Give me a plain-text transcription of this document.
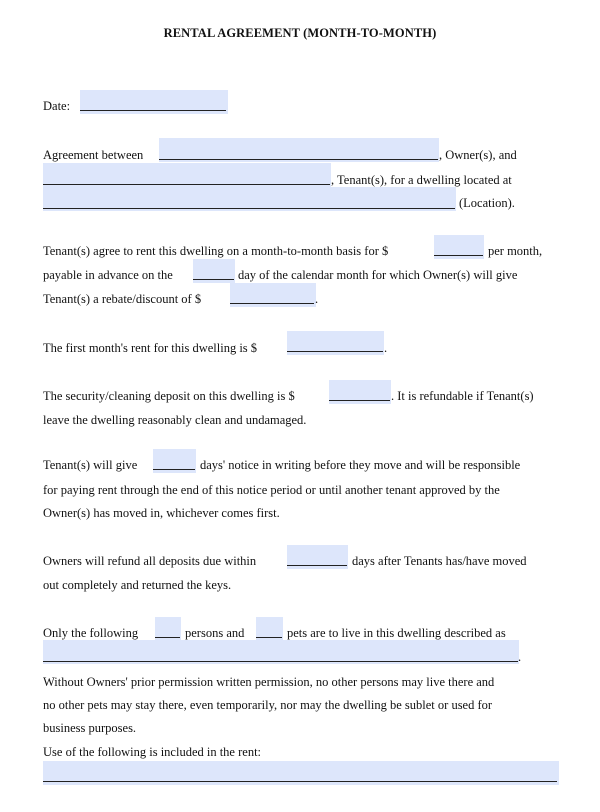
RENTAL AGREEMENT (MONTH-TO-MONTH)
Date:
Agreement between	, Owner(s), and
, Tenant(s), for a dwelling located at
(Location).
Tenant(s) agree to rent this dwelling on a month-to-month basis for $	per month,
payable in advance on the	day of the calendar month for which Owner(s) will give
Tenant(s) a rebate/discount of $	.
The first month's rent for this dwelling is $	.
The security/cleaning deposit on this dwelling is $	. It is refundable if Tenant(s)
leave the dwelling reasonably clean and undamaged.
Tenant(s) will give	days' notice in writing before they move and will be responsible
for paying rent through the end of this notice period or until another tenant approved by the
Owner(s) has moved in, whichever comes first.
Owners will refund all deposits due within	days after Tenants has/have moved
out completely and returned the keys.
Only the following	persons and	pets are to live in this dwelling described as
.
Without Owners' prior permission written permission, no other persons may live there and
no other pets may stay there, even temporarily, nor may the dwelling be sublet or used for
business purposes.
Use of the following is included in the rent:
